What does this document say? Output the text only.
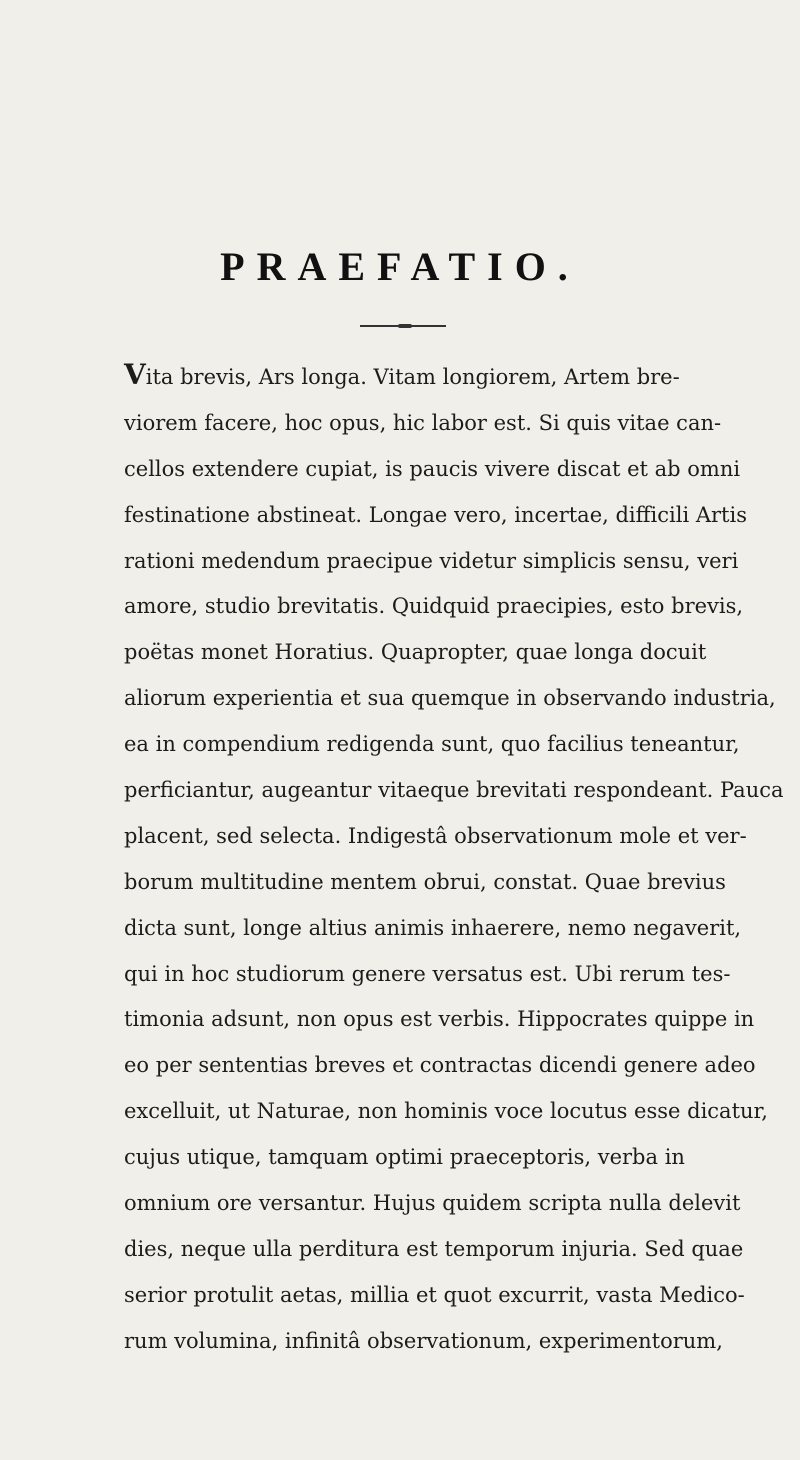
PRAEFATIO.
Vita brevis, Ars longa. Vitam longiorem, Artem bre-
viorem facere, hoc opus, hic labor est. Si quis vitae can-
cellos extendere cupiat, is paucis vivere discat et ab omni
festinatione abstineat. Longae vero, incertae, difficili Artis
rationi medendum praecipue videtur simplicis sensu, veri
amore, studio brevitatis. Quidquid praecipies, esto brevis,
poëtas monet Horatius. Quapropter, quae longa docuit
aliorum experientia et sua quemque in observando industria,
ea in compendium redigenda sunt, quo facilius teneantur,
perficiantur, augeantur vitaeque brevitati respondeant. Pauca
placent, sed selecta. Indigestâ observationum mole et ver-
borum multitudine mentem obrui, constat. Quae brevius
dicta sunt, longe altius animis inhaerere, nemo negaverit,
qui in hoc studiorum genere versatus est. Ubi rerum tes-
timonia adsunt, non opus est verbis. Hippocrates quippe in
eo per sententias breves et contractas dicendi genere adeo
excelluit, ut Naturae, non hominis voce locutus esse dicatur,
cujus utique, tamquam optimi praeceptoris, verba in
omnium ore versantur. Hujus quidem scripta nulla delevit
dies, neque ulla perditura est temporum injuria. Sed quae
serior protulit aetas, millia et quot excurrit, vasta Medico-
rum volumina, infinitâ observationum, experimentorum,
